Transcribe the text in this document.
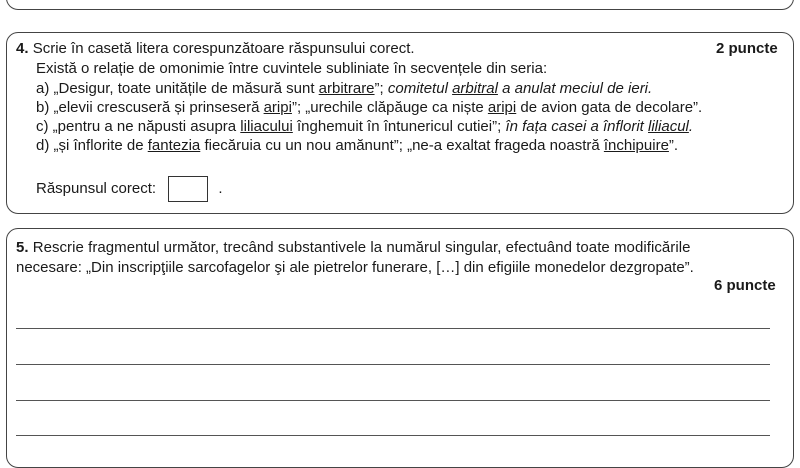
4. Scrie în casetă litera corespunzătoare răspunsului corect.	2 puncte
Există o relație de omonimie între cuvintele subliniate în secvențele din seria:
a) „Desigur, toate unitățile de măsură sunt arbitrare”; comitetul arbitral a anulat meciul de ieri.
b) „elevii crescuseră și prinseseră aripi”; „urechile clăpăuge ca niște aripi de avion gata de decolare”.
c) „pentru a ne năpusti asupra liliacului înghemuit în întunericul cutiei”; în fața casei a înflorit liliacul.
d) „și înflorite de fantezia fiecăruia cu un nou amănunt”; „ne-a exaltat frageda noastră închipuire”.
Răspunsul corect:	.
5. Rescrie fragmentul următor, trecând substantivele la numărul singular, efectuând toate modificările
necesare: „Din inscripţiile sarcofagelor şi ale pietrelor funerare, […] din efigiile monedelor dezgropate”.
6 puncte
